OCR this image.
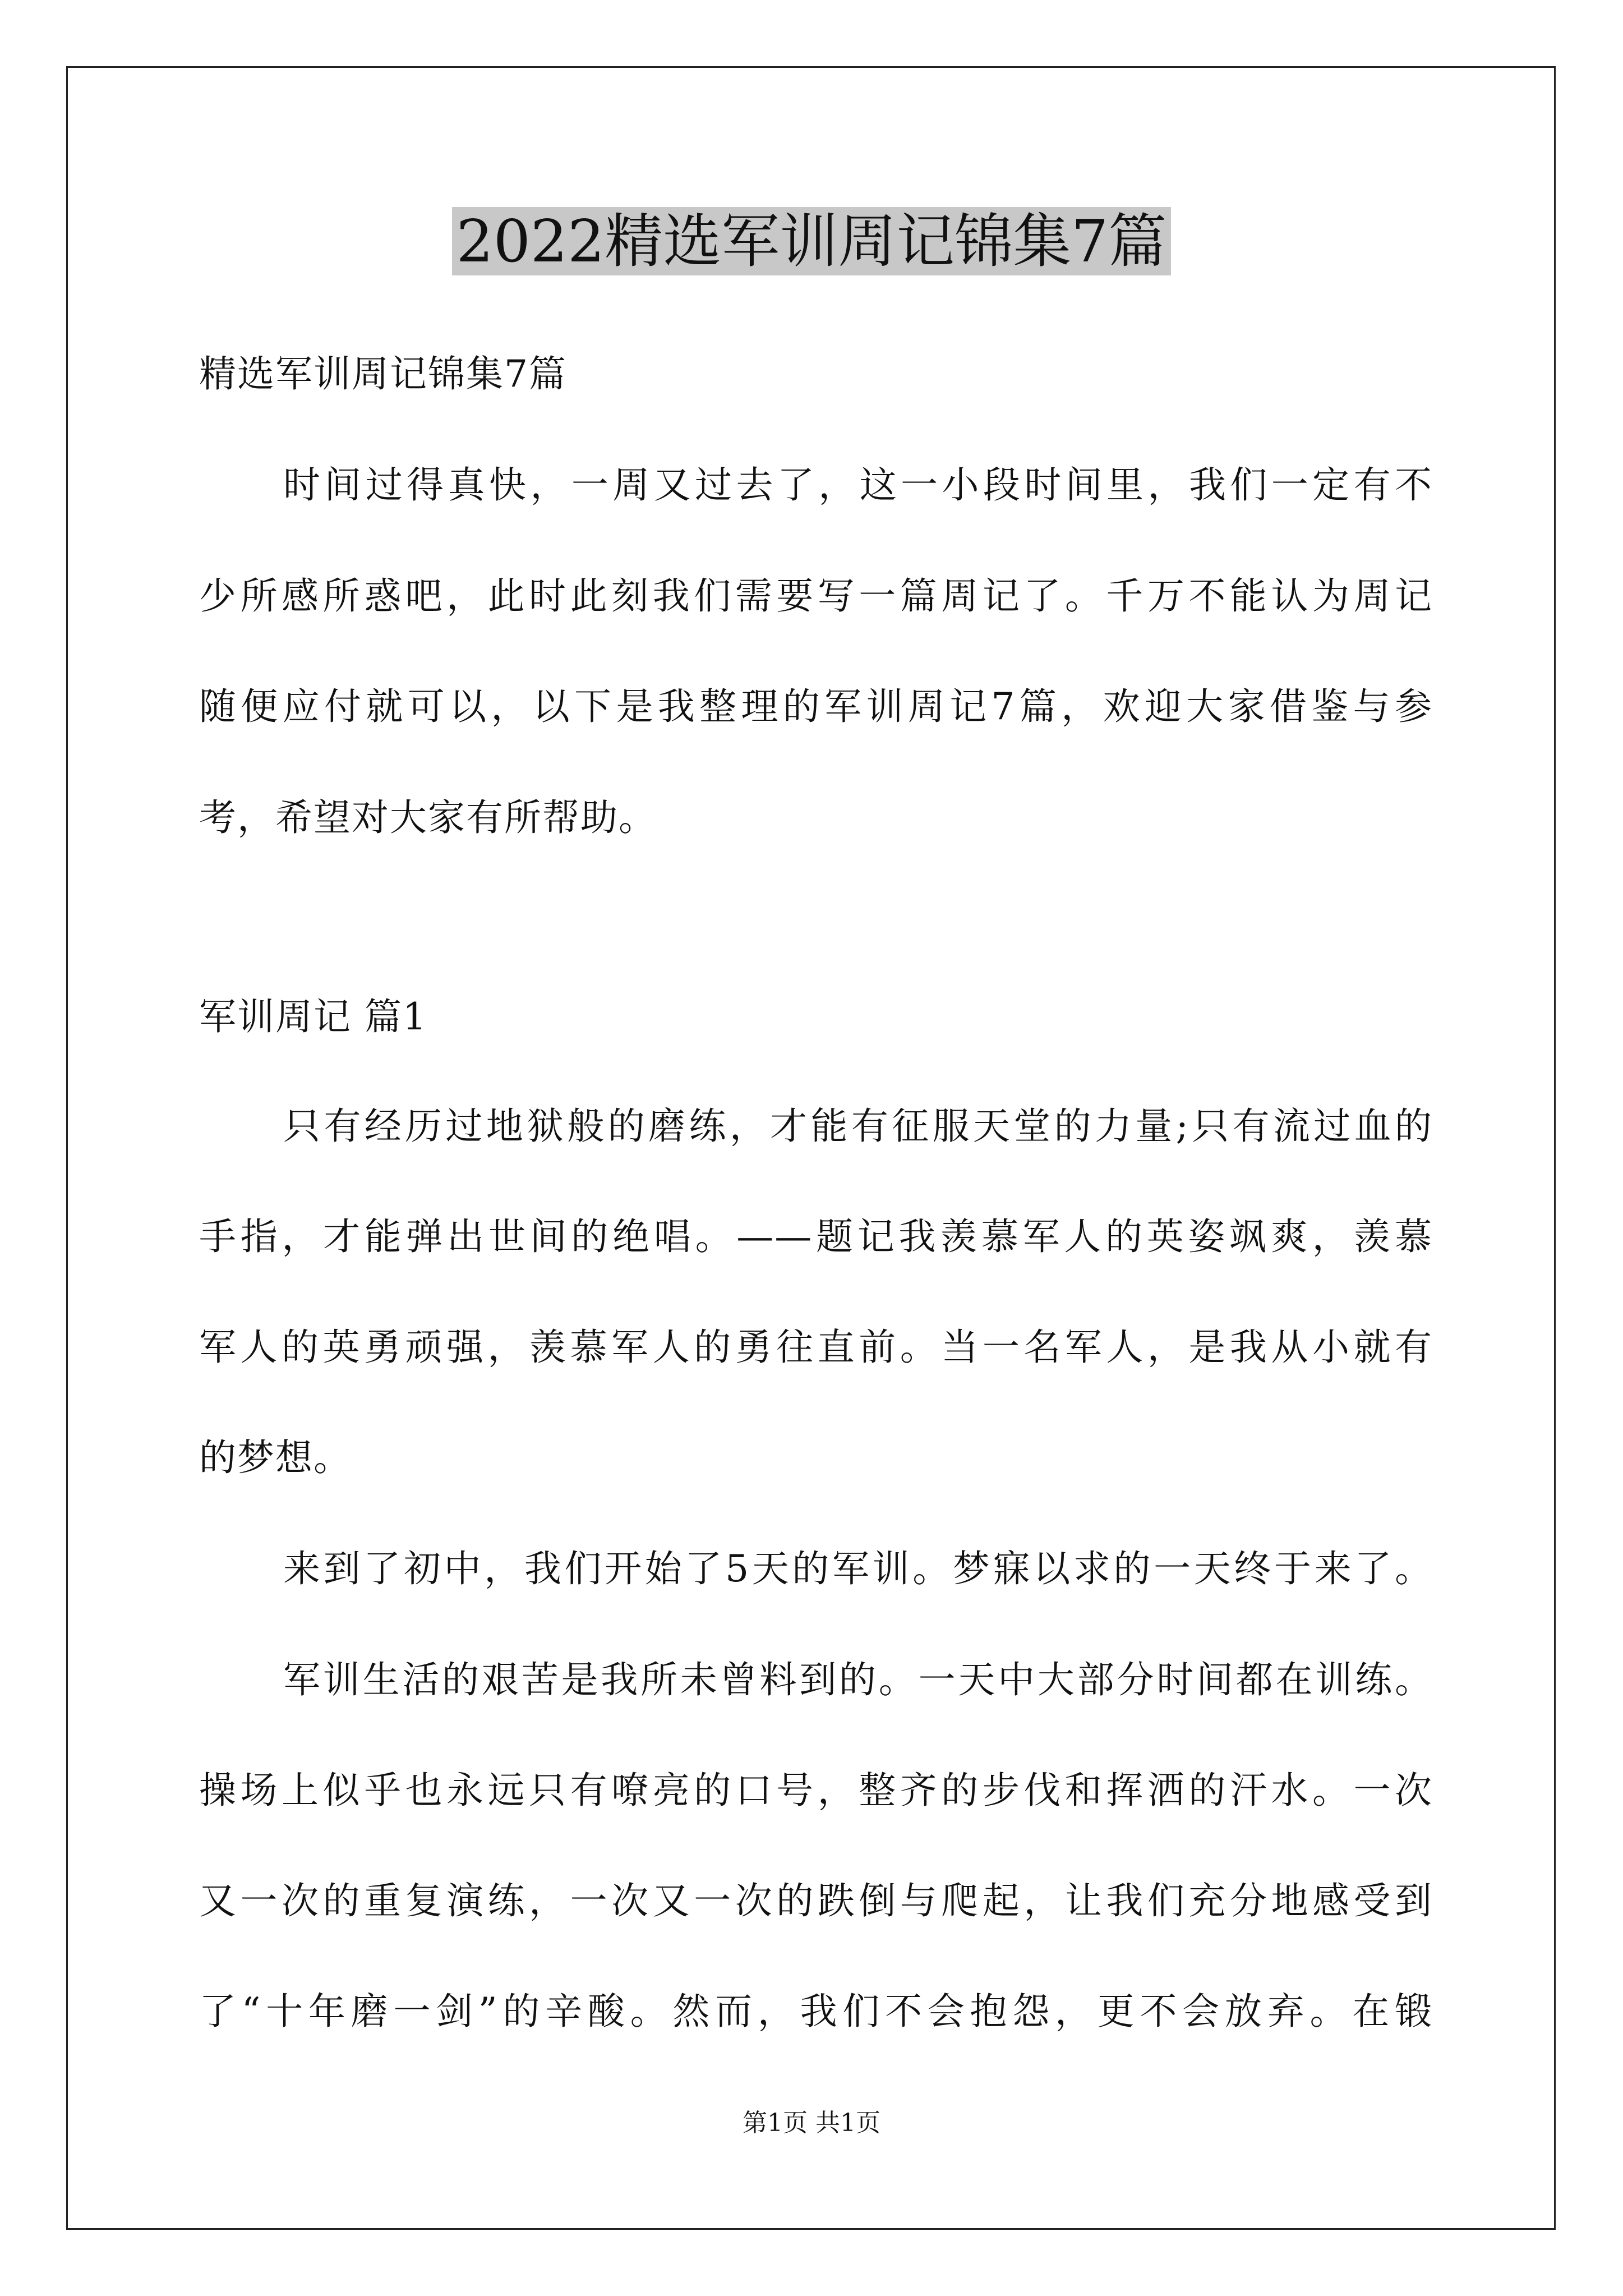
2022精选军训周记锦集7篇
精选军训周记锦集7篇
时间过得真快，一周又过去了，这一小段时间里，我们一定有不
少所感所惑吧，此时此刻我们需要写一篇周记了。千万不能认为周记
随便应付就可以，以下是我整理的军训周记7篇，欢迎大家借鉴与参
考，希望对大家有所帮助。
军训周记 篇1
只有经历过地狱般的磨练，才能有征服天堂的力量;只有流过血的
手指，才能弹出世间的绝唱。——题记我羡慕军人的英姿飒爽，羡慕
军人的英勇顽强，羡慕军人的勇往直前。当一名军人，是我从小就有
的梦想。
来到了初中，我们开始了5天的军训。梦寐以求的一天终于来了。
军训生活的艰苦是我所未曾料到的。一天中大部分时间都在训练。
操场上似乎也永远只有嘹亮的口号，整齐的步伐和挥洒的汗水。一次
又一次的重复演练，一次又一次的跌倒与爬起，让我们充分地感受到
了“十年磨一剑”的辛酸。然而，我们不会抱怨，更不会放弃。在锻
第1页 共1页
